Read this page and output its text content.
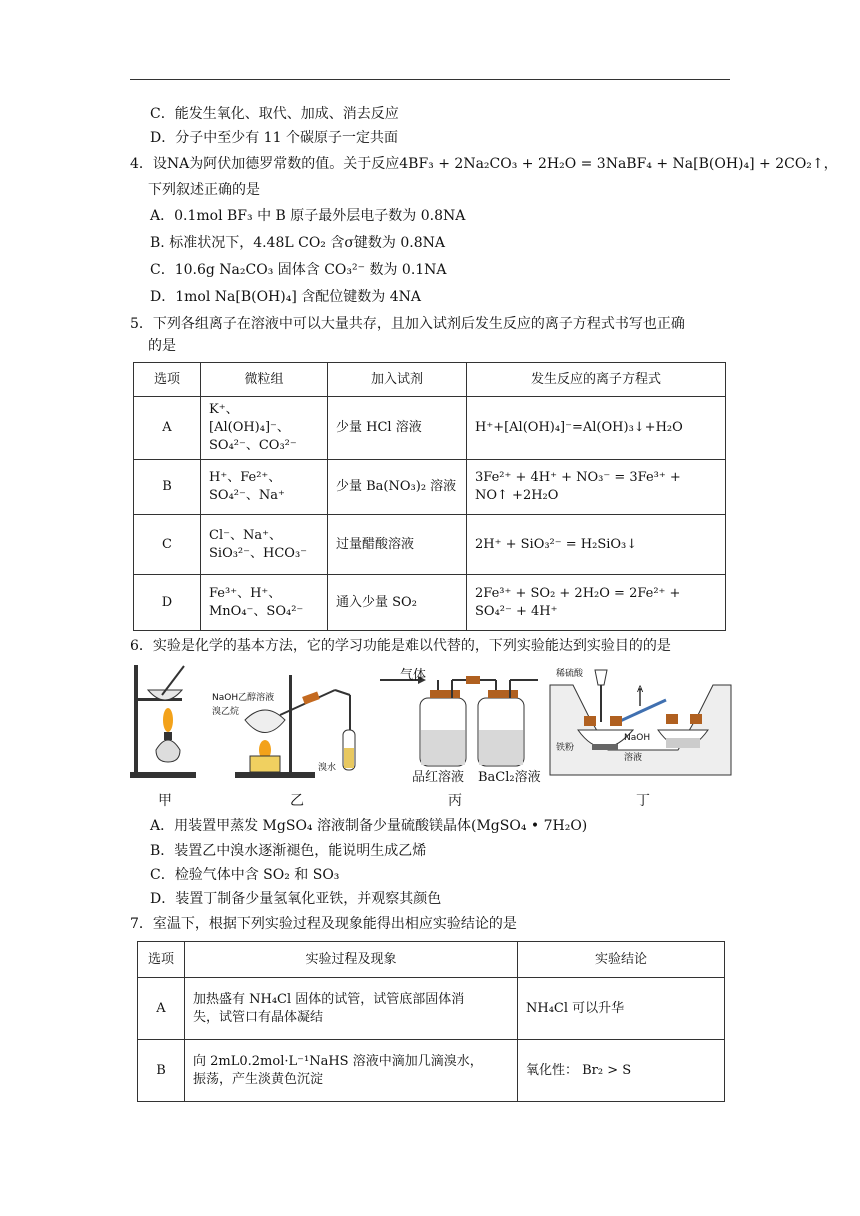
C．能发生氧化、取代、加成、消去反应
D．分子中至少有 11 个碳原子一定共面
4．设NA为阿伏加德罗常数的值。关于反应4BF₃ + 2Na₂CO₃ + 2H₂O = 3NaBF₄ + Na[B(OH)₄] + 2CO₂↑，
下列叙述正确的是
A．0.1mol BF₃ 中 B 原子最外层电子数为 0.8NA
B. 标准状况下，4.48L CO₂ 含σ键数为 0.8NA
C．10.6g Na₂CO₃ 固体含 CO₃²⁻ 数为 0.1NA
D．1mol Na[B(OH)₄] 含配位键数为 4NA
5．下列各组离子在溶液中可以大量共存，且加入试剂后发生反应的离子方程式书写也正确
的是
选项	微粒组	加入试剂	发生反应的离子方程式
A	K⁺、[Al(OH)₄]⁻、SO₄²⁻、CO₃²⁻	少量 HCl 溶液	H⁺+[Al(OH)₄]⁻=Al(OH)₃↓+H₂O
B	H⁺、Fe²⁺、SO₄²⁻、Na⁺	少量 Ba(NO₃)₂ 溶液	3Fe²⁺ + 4H⁺ + NO₃⁻ = 3Fe³⁺ + NO↑ +2H₂O
C	Cl⁻、Na⁺、SiO₃²⁻、HCO₃⁻	过量醋酸溶液	2H⁺ + SiO₃²⁻ = H₂SiO₃↓
D	Fe³⁺、H⁺、MnO₄⁻、SO₄²⁻	通入少量 SO₂	2Fe³⁺ + SO₂ + 2H₂O = 2Fe²⁺ + SO₄²⁻ + 4H⁺
6．实验是化学的基本方法，它的学习功能是难以代替的，下列实验能达到实验目的的是
甲
NaOH乙醇溶液
溴乙烷
溴水
乙
气体
品红溶液 BaCl₂溶液
丙
稀硫酸
A
铁粉
NaOH 溶液
丁
A．用装置甲蒸发 MgSO₄ 溶液制备少量硫酸镁晶体(MgSO₄ • 7H₂O)
B．装置乙中溴水逐渐褪色，能说明生成乙烯
C．检验气体中含 SO₂ 和 SO₃
D．装置丁制备少量氢氧化亚铁，并观察其颜色
7．室温下，根据下列实验过程及现象能得出相应实验结论的是
选项	实验过程及现象	实验结论
A	加热盛有 NH₄Cl 固体的试管，试管底部固体消
失，试管口有晶体凝结	NH₄Cl 可以升华
B	向 2mL0.2mol·L⁻¹NaHS 溶液中滴加几滴溴水，
振荡，产生淡黄色沉淀	氧化性： Br₂ > S
